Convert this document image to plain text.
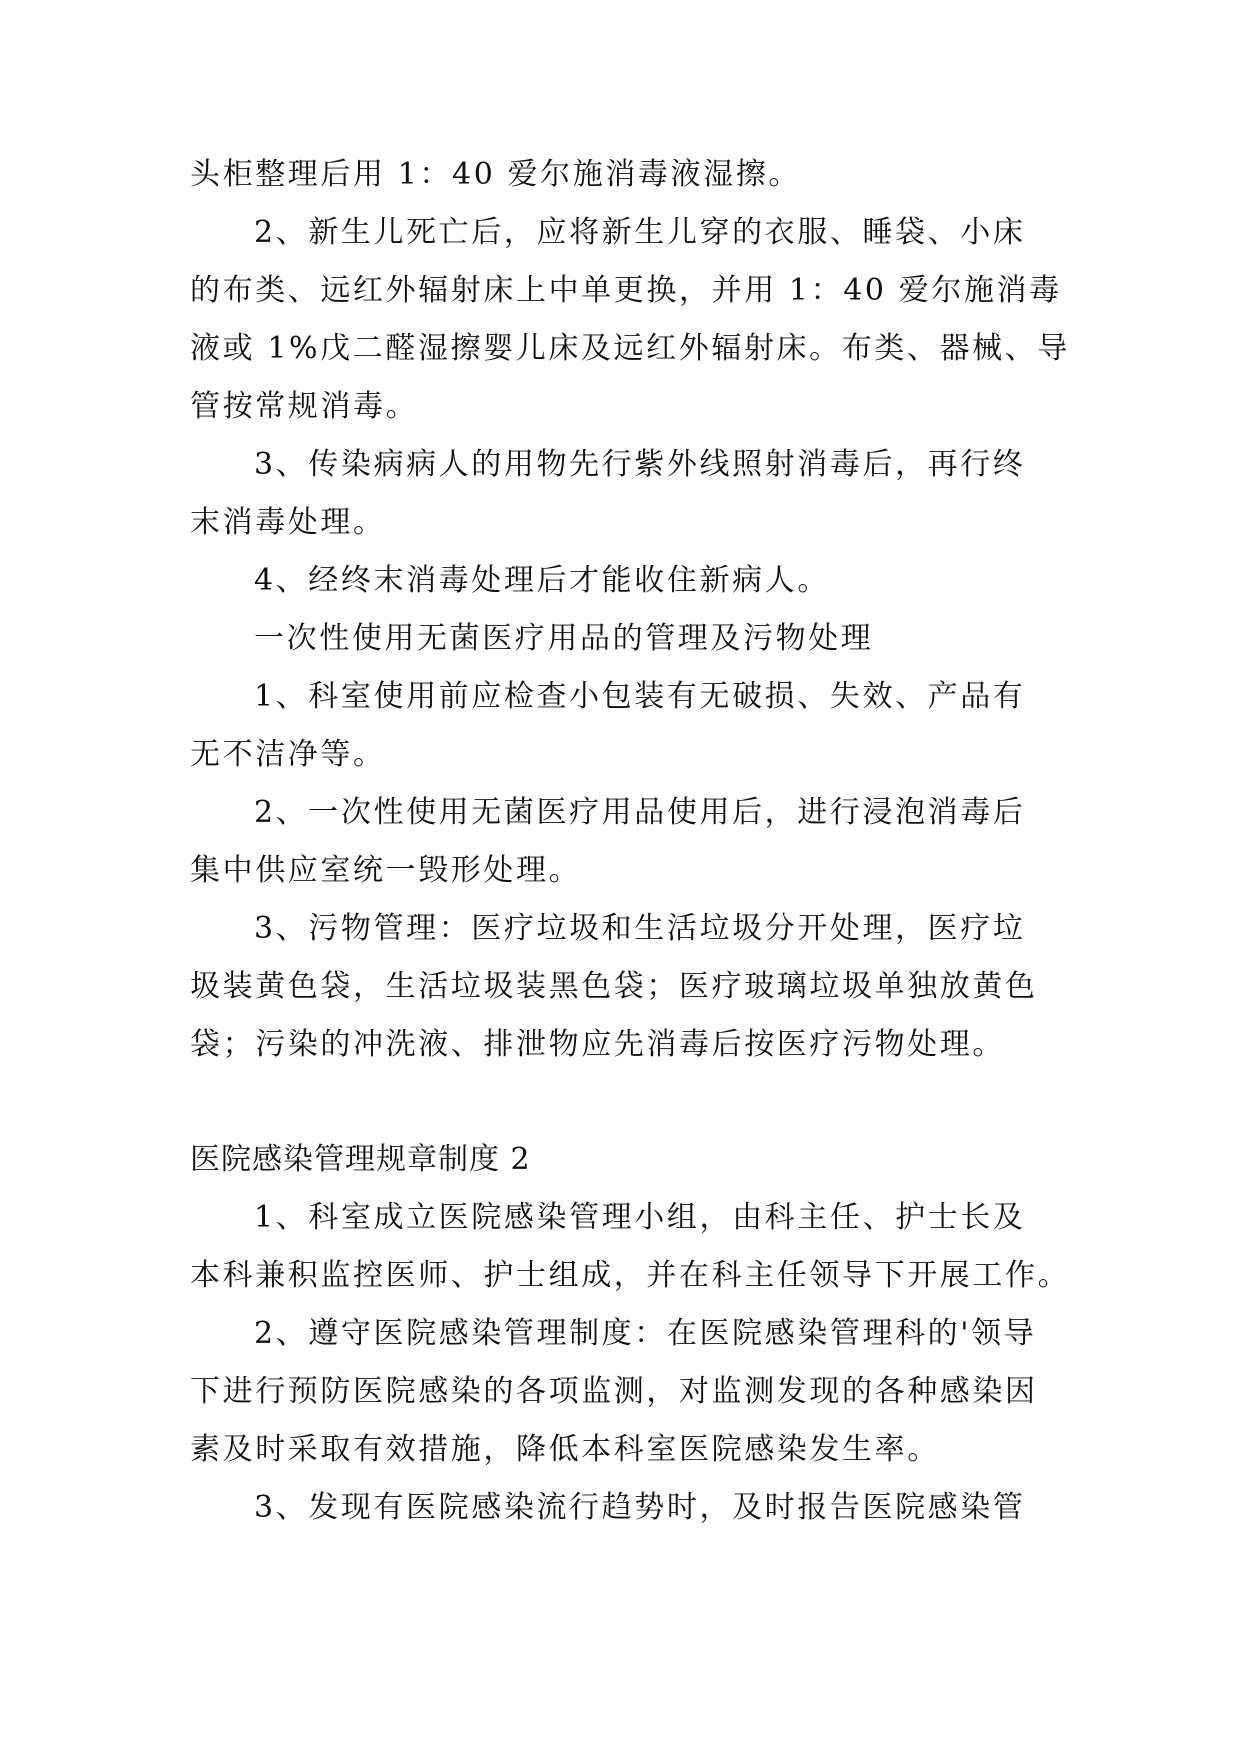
头柜整理后用 1：40 爱尔施消毒液湿擦。
2、新生儿死亡后，应将新生儿穿的衣服、睡袋、小床
的布类、远红外辐射床上中单更换，并用 1：40 爱尔施消毒
液或 1%戊二醛湿擦婴儿床及远红外辐射床。布类、器械、导
管按常规消毒。
3、传染病病人的用物先行紫外线照射消毒后，再行终
末消毒处理。
4、经终末消毒处理后才能收住新病人。
一次性使用无菌医疗用品的管理及污物处理
1、科室使用前应检查小包装有无破损、失效、产品有
无不洁净等。
2、一次性使用无菌医疗用品使用后，进行浸泡消毒后
集中供应室统一毁形处理。
3、污物管理：医疗垃圾和生活垃圾分开处理，医疗垃
圾装黄色袋，生活垃圾装黑色袋；医疗玻璃垃圾单独放黄色
袋；污染的冲洗液、排泄物应先消毒后按医疗污物处理。
医院感染管理规章制度 2
1、科室成立医院感染管理小组，由科主任、护士长及
本科兼积监控医师、护士组成，并在科主任领导下开展工作。
2、遵守医院感染管理制度：在医院感染管理科的'领导
下进行预防医院感染的各项监测，对监测发现的各种感染因
素及时采取有效措施，降低本科室医院感染发生率。
3、发现有医院感染流行趋势时，及时报告医院感染管
